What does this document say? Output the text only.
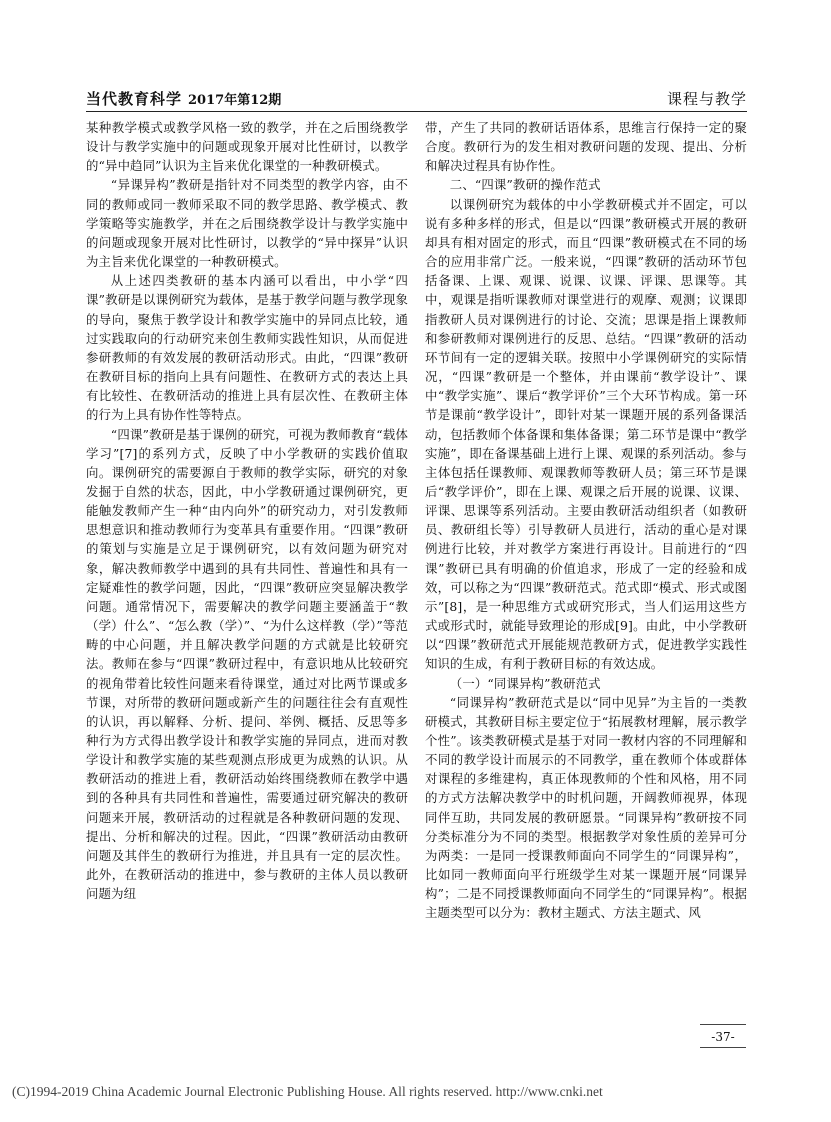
当代教育科学 2017年第12期	课程与教学

某种教学模式或教学风格一致的教学，并在之后围绕教学设计与教学实施中的问题或现象开展对比性研讨，以教学的“异中趋同”认识为主旨来优化课堂的一种教研模式。

“异课异构”教研是指针对不同类型的教学内容，由不同的教师或同一教师采取不同的教学思路、教学模式、教学策略等实施教学，并在之后围绕教学设计与教学实施中的问题或现象开展对比性研讨，以教学的“异中探异”认识为主旨来优化课堂的一种教研模式。

从上述四类教研的基本内涵可以看出，中小学“四课”教研是以课例研究为载体，是基于教学问题与教学现象的导向，聚焦于教学设计和教学实施中的异同点比较，通过实践取向的行动研究来创生教师实践性知识，从而促进参研教师的有效发展的教研活动形式。由此，“四课”教研在教研目标的指向上具有问题性、在教研方式的表达上具有比较性、在教研活动的推进上具有层次性、在教研主体的行为上具有协作性等特点。

“四课”教研是基于课例的研究，可视为教师教育“载体学习”[7]的系列方式，反映了中小学教研的实践价值取向。课例研究的需要源自于教师的教学实际，研究的对象发掘于自然的状态，因此，中小学教研通过课例研究，更能触发教师产生一种“由内向外”的研究动力，对引发教师思想意识和推动教师行为变革具有重要作用。“四课”教研的策划与实施是立足于课例研究，以有效问题为研究对象，解决教师教学中遇到的具有共同性、普遍性和具有一定疑难性的教学问题，因此，“四课”教研应突显解决教学问题。通常情况下，需要解决的教学问题主要涵盖于“教（学）什么”、“怎么教（学）”、“为什么这样教（学）”等范畴的中心问题，并且解决教学问题的方式就是比较研究法。教师在参与“四课”教研过程中，有意识地从比较研究的视角带着比较性问题来看待课堂，通过对比两节课或多节课，对所带的教研问题或新产生的问题往往会有直观性的认识，再以解释、分析、提问、举例、概括、反思等多种行为方式得出教学设计和教学实施的异同点，进而对教学设计和教学实施的某些观测点形成更为成熟的认识。从教研活动的推进上看，教研活动始终围绕教师在教学中遇到的各种具有共同性和普遍性，需要通过研究解决的教研问题来开展，教研活动的过程就是各种教研问题的发现、提出、分析和解决的过程。因此，“四课”教研活动由教研问题及其伴生的教研行为推进，并且具有一定的层次性。此外，在教研活动的推进中，参与教研的主体人员以教研问题为纽

带，产生了共同的教研话语体系，思维言行保持一定的聚合度。教研行为的发生相对教研问题的发现、提出、分析和解决过程具有协作性。

二、“四课”教研的操作范式

以课例研究为载体的中小学教研模式并不固定，可以说有多种多样的形式，但是以“四课”教研模式开展的教研却具有相对固定的形式，而且“四课”教研模式在不同的场合的应用非常广泛。一般来说，“四课”教研的活动环节包括备课、上课、观课、说课、议课、评课、思课等。其中，观课是指听课教师对课堂进行的观摩、观测；议课即指教研人员对课例进行的讨论、交流；思课是指上课教师和参研教师对课例进行的反思、总结。“四课”教研的活动环节间有一定的逻辑关联。按照中小学课例研究的实际情况，“四课”教研是一个整体，并由课前“教学设计”、课中“教学实施”、课后“教学评价”三个大环节构成。第一环节是课前“教学设计”，即针对某一课题开展的系列备课活动，包括教师个体备课和集体备课；第二环节是课中“教学实施”，即在备课基础上进行上课、观课的系列活动。参与主体包括任课教师、观课教师等教研人员；第三环节是课后“教学评价”，即在上课、观课之后开展的说课、议课、评课、思课等系列活动。主要由教研活动组织者（如教研员、教研组长等）引导教研人员进行，活动的重心是对课例进行比较，并对教学方案进行再设计。目前进行的“四课”教研已具有明确的价值追求，形成了一定的经验和成效，可以称之为“四课”教研范式。范式即“模式、形式或图示”[8]，是一种思维方式或研究形式，当人们运用这些方式或形式时，就能导致理论的形成[9]。由此，中小学教研以“四课”教研范式开展能规范教研方式，促进教学实践性知识的生成，有利于教研目标的有效达成。

（一）“同课异构”教研范式

“同课异构”教研范式是以“同中见异”为主旨的一类教研模式，其教研目标主要定位于“拓展教材理解，展示教学个性”。该类教研模式是基于对同一教材内容的不同理解和不同的教学设计而展示的不同教学，重在教师个体或群体对课程的多维建构，真正体现教师的个性和风格，用不同的方式方法解决教学中的时机问题，开阔教师视界，体现同伴互助，共同发展的教研愿景。“同课异构”教研按不同分类标准分为不同的类型。根据教学对象性质的差异可分为两类：一是同一授课教师面向不同学生的“同课异构”，比如同一教师面向平行班级学生对某一课题开展“同课异构”；二是不同授课教师面向不同学生的“同课异构”。根据主题类型可以分为：教材主题式、方法主题式、风

-37-
(C)1994-2019 China Academic Journal Electronic Publishing House. All rights reserved. http://www.cnki.net
